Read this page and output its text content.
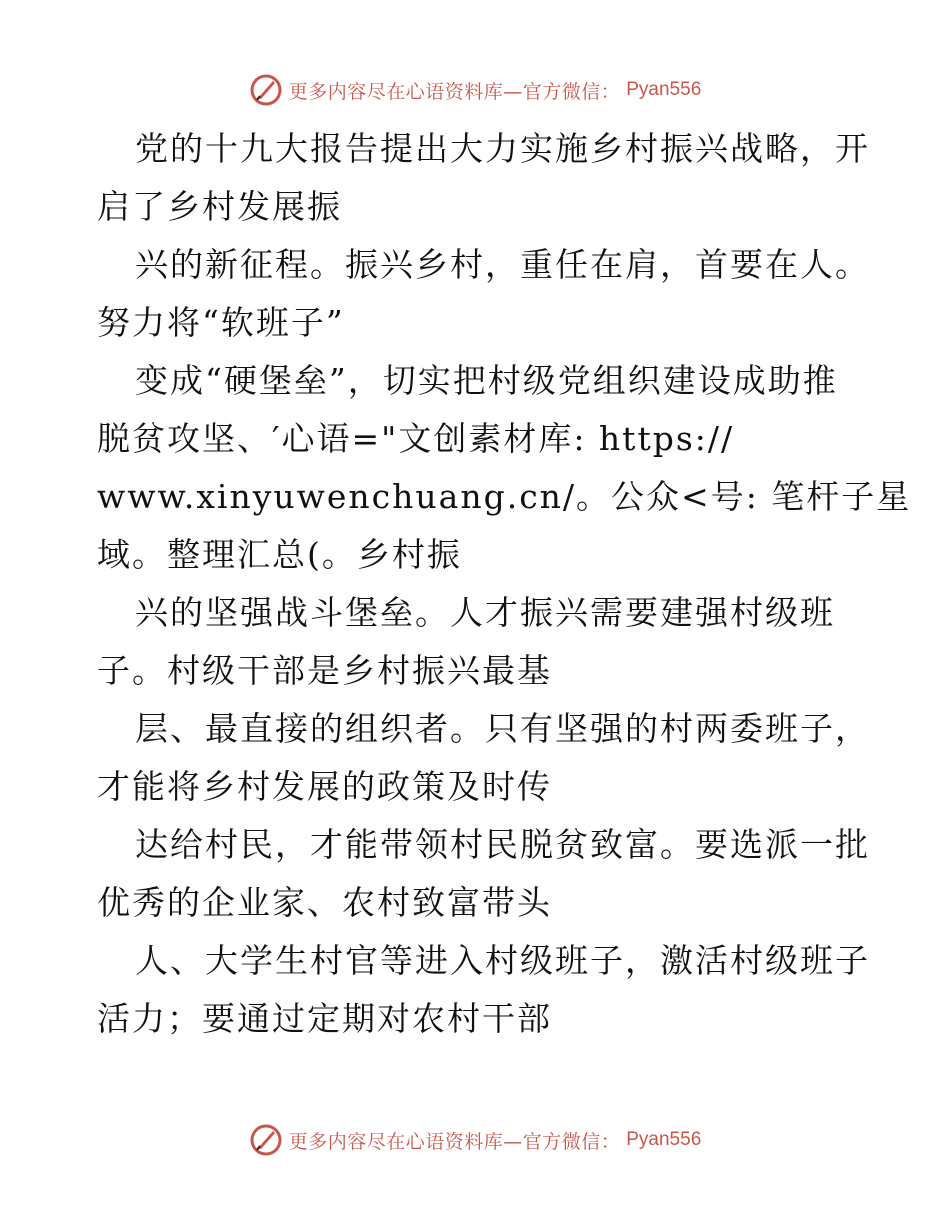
更多内容尽在心语资料库—官方微信： Pyan556
党的十九大报告提出大力实施乡村振兴战略，开
启了乡村发展振
兴的新征程。振兴乡村，重任在肩，首要在人。
努力将“软班子”
变成“硬堡垒”，切实把村级党组织建设成助推
脱贫攻坚、′心语="文创素材库: https://
www.xinyuwenchuang.cn/。公众<号: 笔杆子星
域。整理汇总(。乡村振
兴的坚强战斗堡垒。人才振兴需要建强村级班
子。村级干部是乡村振兴最基
层、最直接的组织者。只有坚强的村两委班子，
才能将乡村发展的政策及时传
达给村民，才能带领村民脱贫致富。要选派一批
优秀的企业家、农村致富带头
人、大学生村官等进入村级班子，激活村级班子
活力；要通过定期对农村干部
更多内容尽在心语资料库—官方微信： Pyan556
